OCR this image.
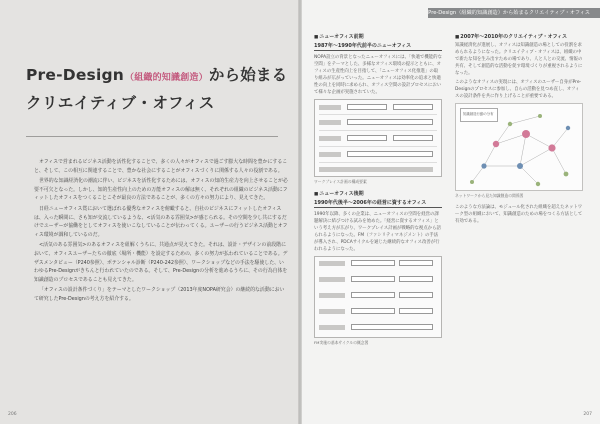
Pre-Design（組織的知識創造）から始まる
クリエイティブ・オフィス

オフィスで営まれるビジネス活動を活性化することで、多くの人々がオフィスで過ごす膨大な時間を豊かにすること、そして、この相互に関連することで、豊かな社会にすることがオフィスづくりに関係する人々の役割である。

世界的な知識経済化の潮流に伴い、ビジネスを活性化するためには、オフィスの知的生産力を向上させることが必要不可欠となった。しかし、知的生産性向上のための万能オフィスの解は無く、それぞれの組織のビジネス活動にフィットしたオフィスをつくることこそが最良の方法であることが、多くの方々の努力により、見えてきた。

日経ニューオフィス賞において選ばれる優秀なオフィスを俯瞰すると、自社のビジネスにフィットしたオフィスは、入った瞬間に、さも知が交流しているような、<活気のある雰囲気>が感じられる。その空間を少し共にするだけでユーザーが協働をとしてオフィスを使いこなしていることが伝わってくる。ユーザーの行うビジネス活動とオフィス環境が調和しているのだ。

<活気のある雰囲気>のあるオフィスを紐解くうちに、共通点が見えてきた。それは、設計・デザインの前段階において、オフィスユーザーたちの徹底（場所・機能）を設定するための、多くの努力が払われていることである。デザスメンタビュー（P240参照）、ポテンシャル診断（P240-242参照）、ワークショップなどの手法を駆使した、いわゆるPre-Designがきちんと行われていたのである。そして、Pre-Designの分析を進めるうちに、その行為自体を知識創造のプロセスであることも見えてきた。

「オフィスの設計条件づくり」をテーマとしたワークショップ（2013年度NOPA研究会）の継続的な活動において研究したPre-Designの考え方を紹介する。

206
Pre-Design（組織的知識創造）から始まるクリエイティブ・オフィス
■ ニューオフィス前期
1987年〜1990年代前半のニューオフィス

NOPA設立の背景となったニューオフィスには、「快適で機能的な空間」をテーマとした、多様なオフィス環境の提示とともに、オフィスの生産性向上を目指して、「ニューオフィス化推進」の取り組みが広がっていった。ニューオフィスは効率化の追求と快適性の向上を同時に求められ、オフィス空間の設計プロセスにおいて様々な企画が実施されていた。

ワークプレイス計画の構成要素
■ ニューオフィス後期
1990年代後半〜2006年の経営に資するオフィス

1990年以降、多くの企業は、ニューオフィスの空間を経営の課題解決に結びつける試みを始めた。「経営に資するオフィス」という考え方が広がり、ワークプレイス計画が戦略的な視点から語られるようになった。FM（ファシリティマネジメント）の手法が導入され、PDCAサイクルを通じた継続的なオフィス改善が行われるようになった。

FM実施の基本サイクルの概念図
■ 2007年〜2010年のクリエイティブ・オフィス

知識経済化が進展し、オフィスは知識創造の場としての役割を求められるようになった。クリエイティブ・オフィスは、組織の中で新たな知を生み出すための場であり、人と人との交流、情報の共有、そして創造的な活動を促す環境づくりが重視されるようになった。

このようなオフィスの実現には、オフィスのユーザー自身がPre-Designのプロセスに参加し、自らの活動を見つめ直し、オフィスの設計条件を共に作り上げることが重要である。

知識創造行動の分布
ネットワークから見た知識創造の関係図

このような方法論は、モジュール化された組織を超えたネットワーク型の組織において、知識創造のための場をつくる方法として有効である。

207
